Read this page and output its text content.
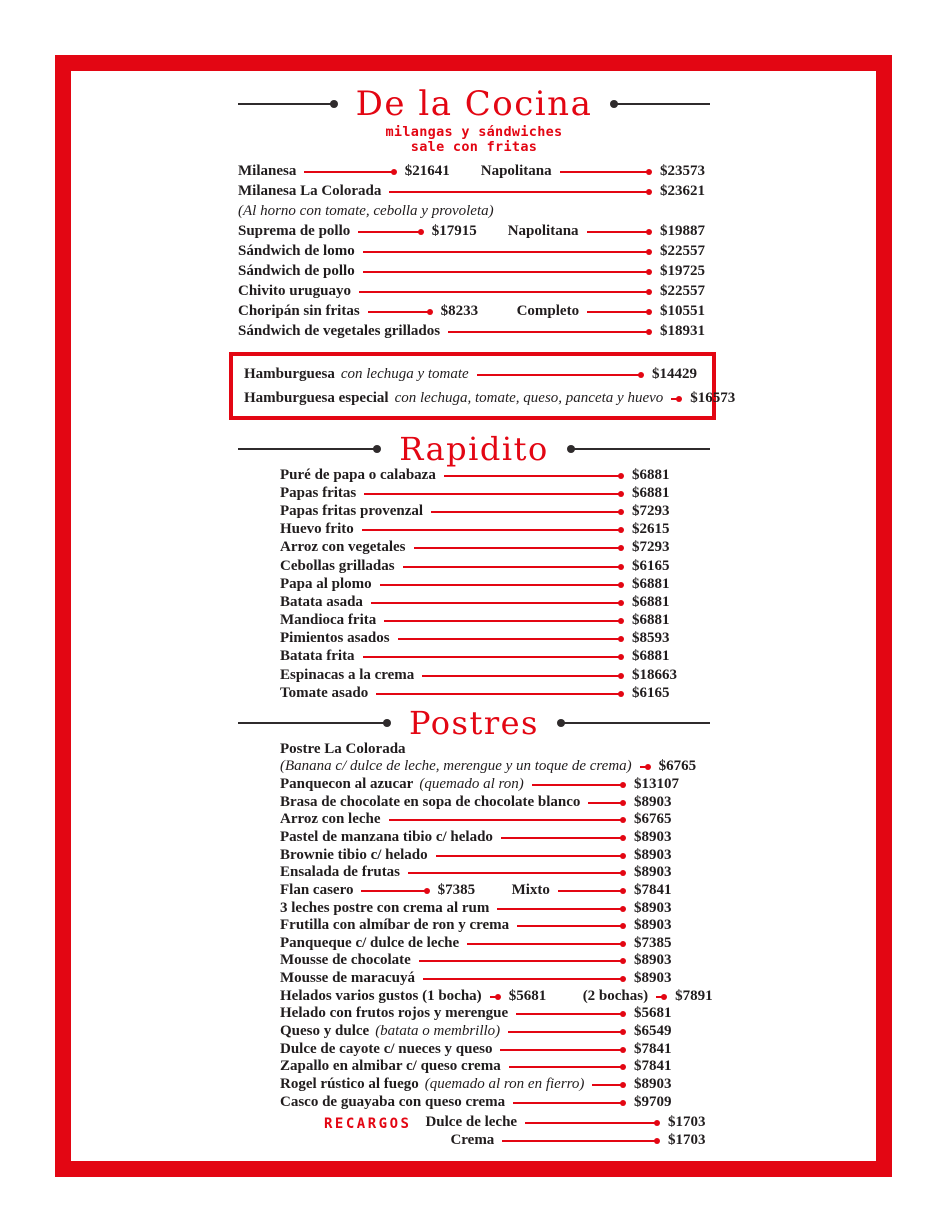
De la Cocina
milangas y sándwiches
sale con fritas
Milanesa	$21641	Napolitana	$23573
Milanesa La Colorada	$23621
(Al horno con tomate, cebolla y provoleta)
Suprema de pollo	$17915	Napolitana	$19887
Sándwich de lomo	$22557
Sándwich de pollo	$19725
Chivito uruguayo	$22557
Choripán sin fritas	$8233	Completo	$10551
Sándwich de vegetales grillados	$18931
Hamburguesa con lechuga y tomate	$14429
Hamburguesa especial con lechuga, tomate, queso, panceta y huevo $16573
Rapidito
Puré de papa o calabaza	$6881
Papas fritas	$6881
Papas fritas provenzal	$7293
Huevo frito	$2615
Arroz con vegetales	$7293
Cebollas grilladas	$6165
Papa al plomo	$6881
Batata asada	$6881
Mandioca frita	$6881
Pimientos asados	$8593
Batata frita	$6881
Espinacas a la crema	$18663
Tomate asado	$6165
Postres
Postre La Colorada
(Banana c/ dulce de leche, merengue y un toque de crema) $6765
Panquecon al azucar (quemado al ron)	$13107
Brasa de chocolate en sopa de chocolate blanco	$8903
Arroz con leche	$6765
Pastel de manzana tibio c/ helado	$8903
Brownie tibio c/ helado	$8903
Ensalada de frutas	$8903
Flan casero	$7385	Mixto	$7841
3 leches postre con crema al rum	$8903
Frutilla con almíbar de ron y crema	$8903
Panqueque c/ dulce de leche	$7385
Mousse de chocolate	$8903
Mousse de maracuyá	$8903
Helados varios gustos (1 bocha) $5681	(2 bochas) $7891
Helado con frutos rojos y merengue	$5681
Queso y dulce (batata o membrillo)	$6549
Dulce de cayote c/ nueces y queso	$7841
Zapallo en almibar c/ queso crema	$7841
Rogel rústico al fuego (quemado al ron en fierro)	$8903
Casco de guayaba con queso crema	$9709
RECARGOS Dulce de leche	$1703
Crema	$1703
